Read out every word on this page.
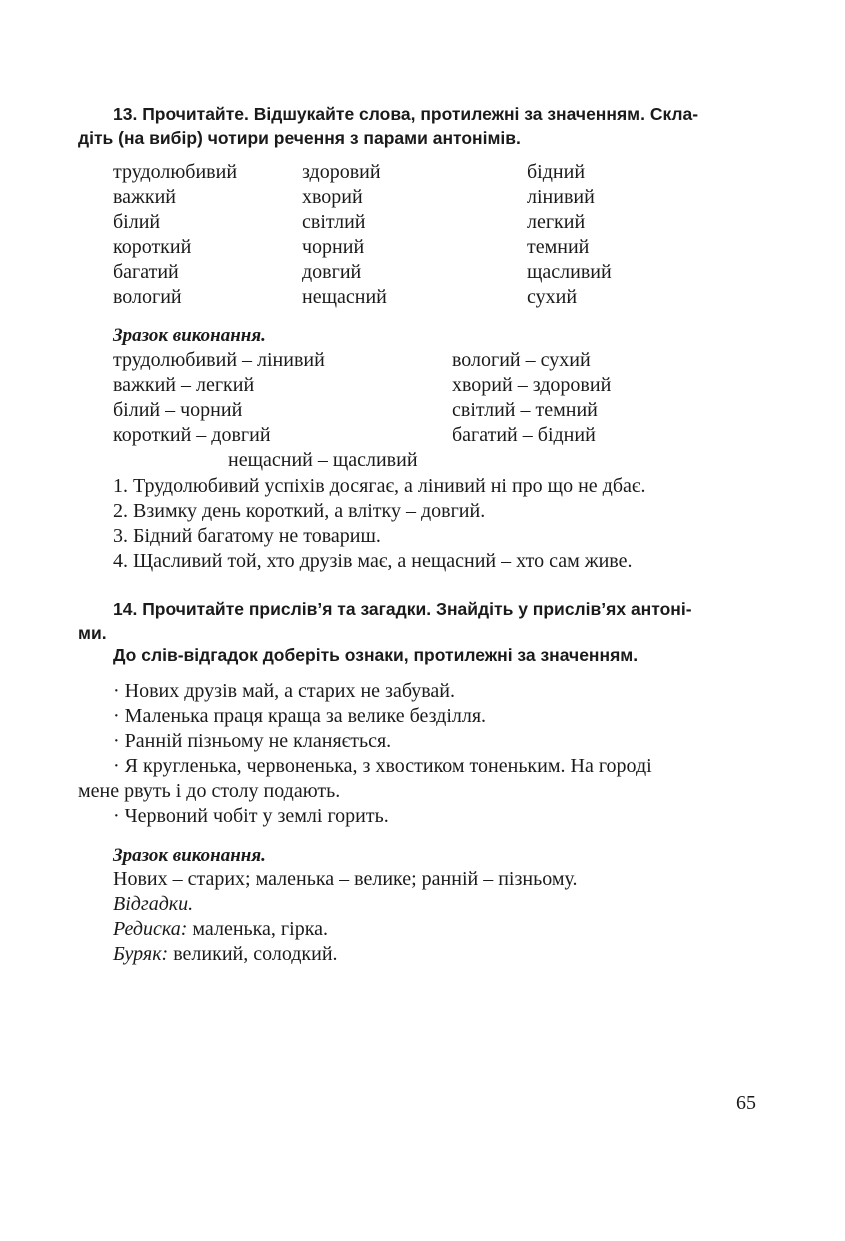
13. Прочитайте. Відшукайте слова, протилежні за значенням. Скла-
діть (на вибір) чотири речення з парами антонімів.
трудолюбивий
важкий
білий
короткий
багатий
вологий
здоровий
хворий
світлий
чорний
довгий
нещасний
бідний
лінивий
легкий
темний
щасливий
сухий
Зразок виконання.
трудолюбивий – лінивий
важкий – легкий
білий – чорний
короткий – довгий
вологий – сухий
хворий – здоровий
світлий – темний
багатий – бідний
нещасний – щасливий
1. Трудолюбивий успіхів досягає, а лінивий ні про що не дбає.
2. Взимку день короткий, а влітку – довгий.
3. Бідний багатому не товариш.
4. Щасливий той, хто друзів має, а нещасний – хто сам живе.
14. Прочитайте прислів’я та загадки. Знайдіть у прислів’ях антоні-
ми.
До слів-відгадок доберіть ознаки, протилежні за значенням.
· Нових друзів май, а старих не забувай.
· Маленька праця краща за велике безділля.
· Ранній пізньому не кланяється.
· Я кругленька, червоненька, з хвостиком тоненьким. На городі
мене рвуть і до столу подають.
· Червоний чобіт у землі горить.
Зразок виконання.
Нових – старих; маленька – велике; ранній – пізньому.
Відгадки.
Редиска: маленька, гірка.
Буряк: великий, солодкий.
65
